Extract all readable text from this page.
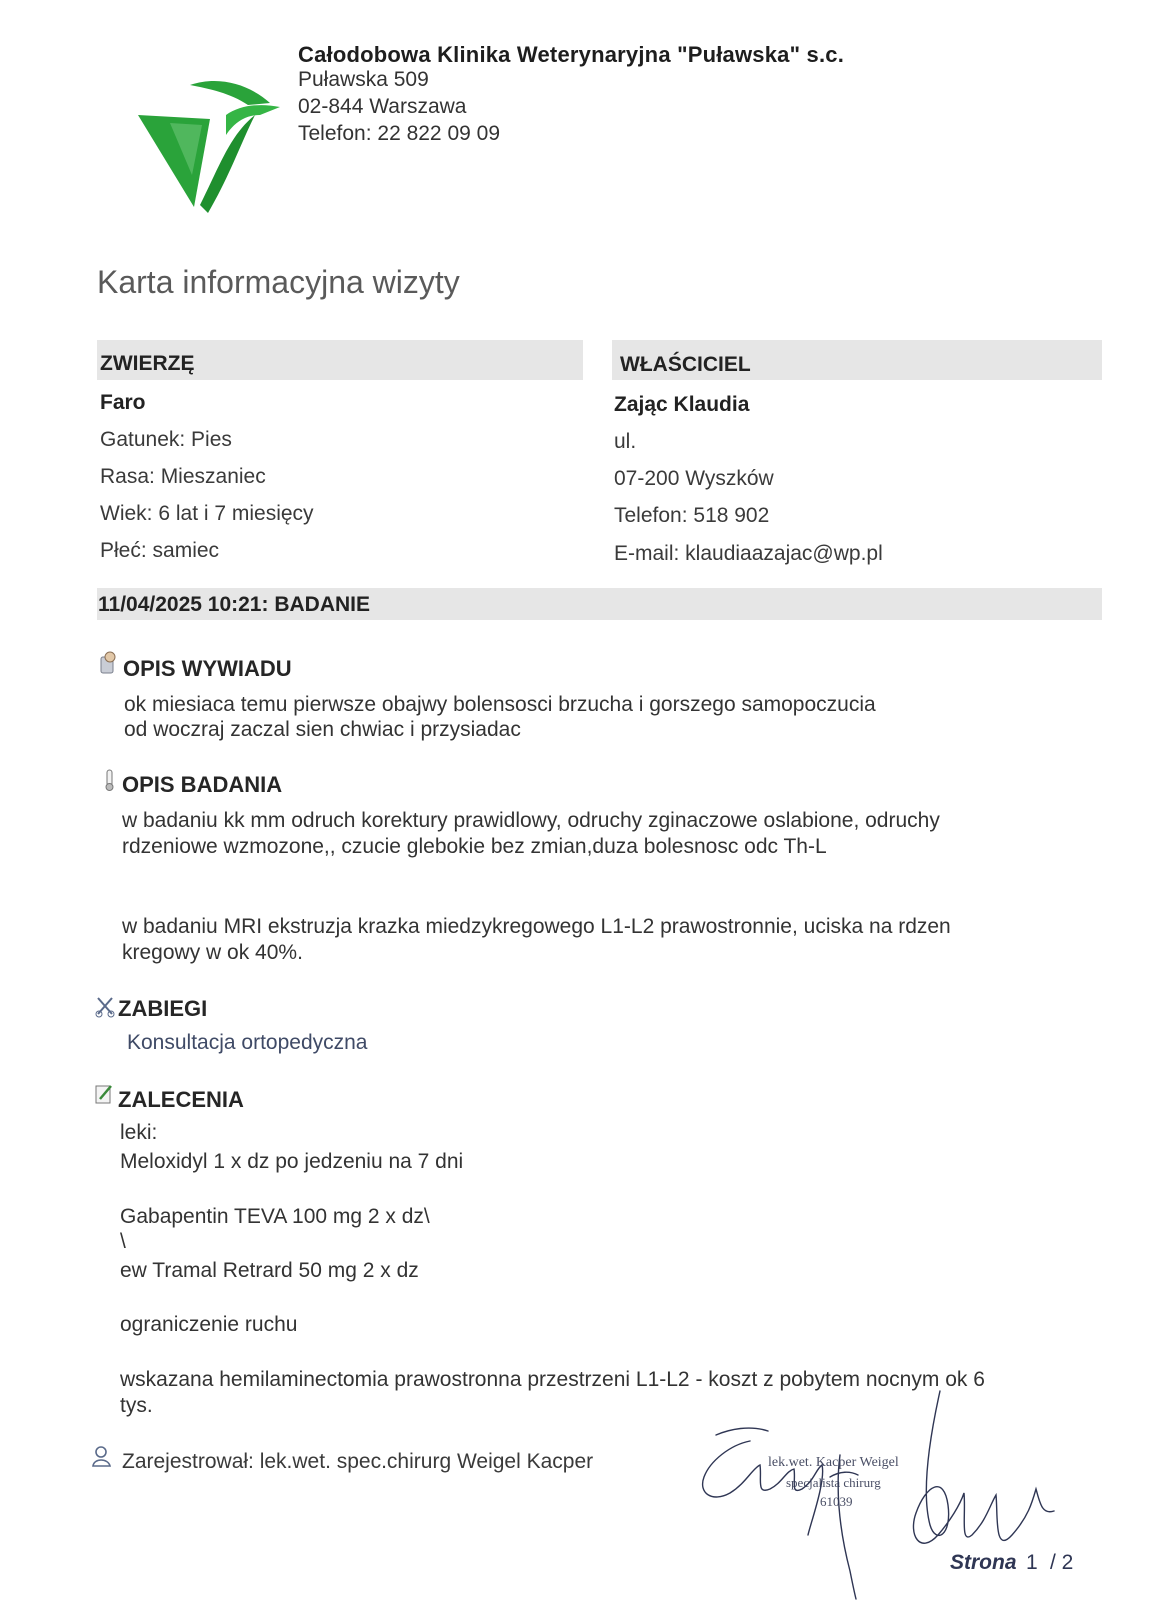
Całodobowa Klinika Weterynaryjna "Puławska" s.c.
Puławska 509
02-844 Warszawa
Telefon: 22 822 09 09
Karta informacyjna wizyty
ZWIERZĘ	WŁAŚCICIEL
Faro
Gatunek: Pies
Rasa: Mieszaniec
Wiek: 6 lat i 7 miesięcy
Płeć: samiec
Zając Klaudia
ul.
07-200 Wyszków
Telefon: 518 902
E-mail: klaudiaazajac@wp.pl
11/04/2025 10:21: BADANIE
OPIS WYWIADU
ok miesiaca temu pierwsze obajwy bolensosci brzucha i gorszego samopoczucia
od woczraj zaczal sien chwiac i przysiadac
OPIS BADANIA
w badaniu kk mm odruch korektury prawidlowy, odruchy zginaczowe oslabione, odruchy
rdzeniowe wzmozone,, czucie glebokie bez zmian,duza bolesnosc odc Th-L
w badaniu MRI ekstruzja krazka miedzykregowego L1-L2 prawostronnie, uciska na rdzen
kregowy w ok 40%.
ZABIEGI
Konsultacja ortopedyczna
ZALECENIA
leki:
Meloxidyl 1 x dz po jedzeniu na 7 dni
Gabapentin TEVA 100 mg 2 x dz\
\
ew Tramal Retrard 50 mg 2 x dz
ograniczenie ruchu
wskazana hemilaminectomia prawostronna przestrzeni L1-L2 - koszt z pobytem nocnym ok 6
tys.
Zarejestrował: lek.wet. spec.chirurg Weigel Kacper	lek.wet. Kacper Weigel
specjalista chirurg
61039
Strona 1 / 2
